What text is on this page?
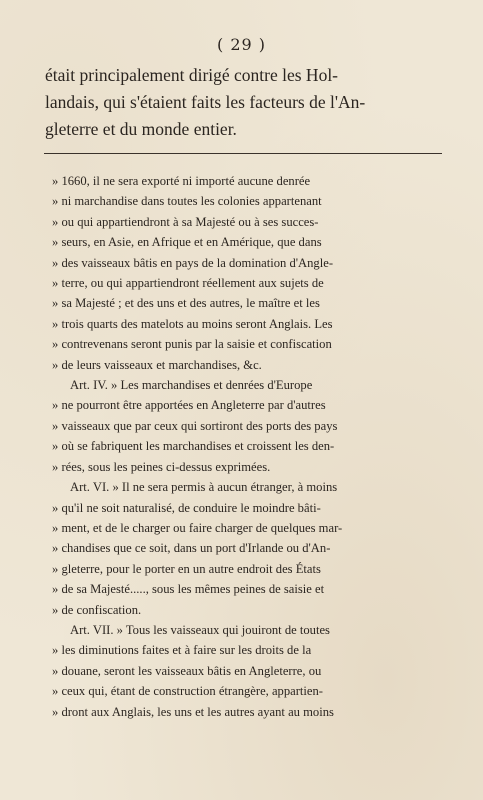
( 29 )
était principalement dirigé contre les Hol-
landais, qui s'étaient faits les facteurs de l'An-
gleterre et du monde entier.
» 1660, il ne sera exporté ni importé aucune denrée
» ni marchandise dans toutes les colonies appartenant
» ou qui appartiendront à sa Majesté ou à ses succes-
» seurs, en Asie, en Afrique et en Amérique, que dans
» des vaisseaux bâtis en pays de la domination d'Angle-
» terre, ou qui appartiendront réellement aux sujets de
» sa Majesté ; et des uns et des autres, le maître et les
» trois quarts des matelots au moins seront Anglais. Les
» contrevenans seront punis par la saisie et confiscation
» de leurs vaisseaux et marchandises, &c.
Art. IV. » Les marchandises et denrées d'Europe
» ne pourront être apportées en Angleterre par d'autres
» vaisseaux que par ceux qui sortiront des ports des pays
» où se fabriquent les marchandises et croissent les den-
» rées, sous les peines ci-dessus exprimées.
Art. VI. » Il ne sera permis à aucun étranger, à moins
» qu'il ne soit naturalisé, de conduire le moindre bâti-
» ment, et de le charger ou faire charger de quelques mar-
» chandises que ce soit, dans un port d'Irlande ou d'An-
» gleterre, pour le porter en un autre endroit des États
» de sa Majesté....., sous les mêmes peines de saisie et
» de confiscation.
Art. VII. » Tous les vaisseaux qui jouiront de toutes
» les diminutions faites et à faire sur les droits de la
» douane, seront les vaisseaux bâtis en Angleterre, ou
» ceux qui, étant de construction étrangère, appartien-
» dront aux Anglais, les uns et les autres ayant au moins
